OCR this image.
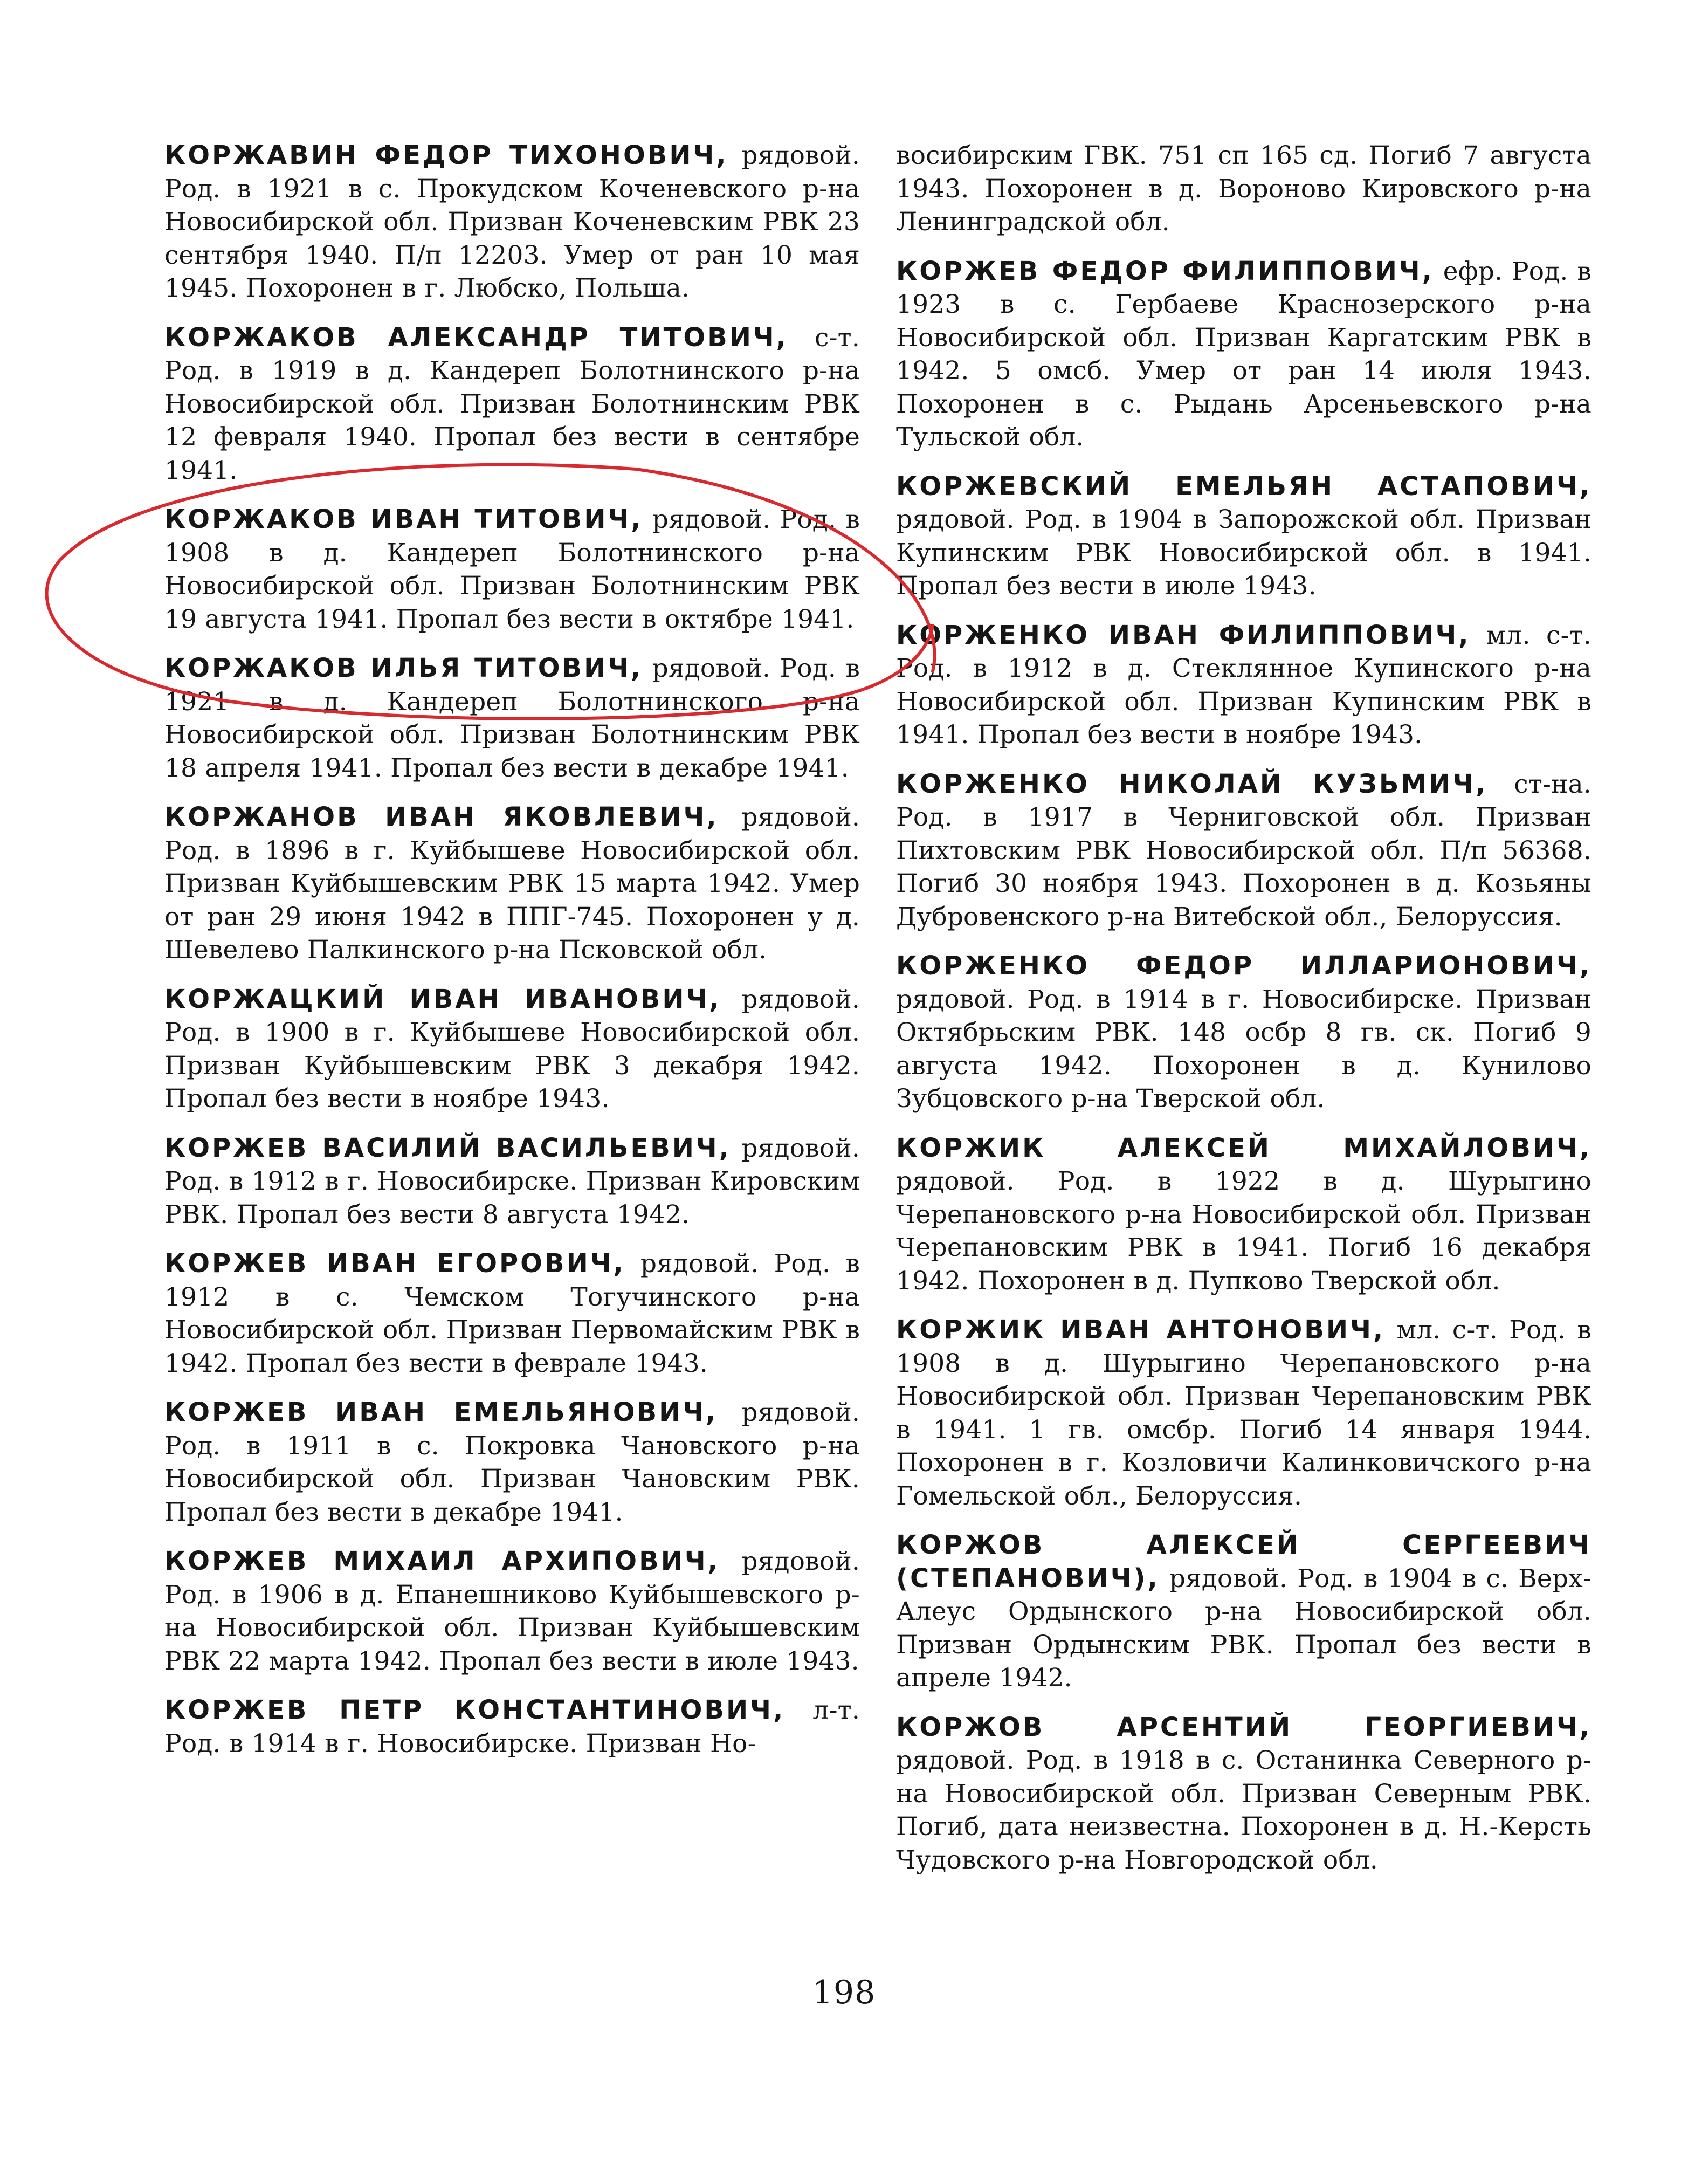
КОРЖАВИН ФЕДОР ТИХОНОВИЧ, рядовой. Род. в 1921 в с. Прокудском Коченевского р-на Новосибирской обл. Призван Коченевским РВК 23 сентября 1940. П/п 12203. Умер от ран 10 мая 1945. Похоронен в г. Любско, Польша.

КОРЖАКОВ АЛЕКСАНДР ТИТОВИЧ, с-т. Род. в 1919 в д. Кандереп Болотнинского р-на Новосибирской обл. Призван Болотнинским РВК 12 февраля 1940. Пропал без вести в сентябре 1941.

КОРЖАКОВ ИВАН ТИТОВИЧ, рядовой. Род. в 1908 в д. Кандереп Болотнинского р-на Новосибирской обл. Призван Болотнинским РВК 19 августа 1941. Пропал без вести в октябре 1941.

КОРЖАКОВ ИЛЬЯ ТИТОВИЧ, рядовой. Род. в 1921 в д. Кандереп Болотнинского р-на Новосибирской обл. Призван Болотнинским РВК 18 апреля 1941. Пропал без вести в декабре 1941.

КОРЖАНОВ ИВАН ЯКОВЛЕВИЧ, рядовой. Род. в 1896 в г. Куйбышеве Новосибирской обл. Призван Куйбышевским РВК 15 марта 1942. Умер от ран 29 июня 1942 в ППГ-745. Похоронен у д. Шевелево Палкинского р-на Псковской обл.

КОРЖАЦКИЙ ИВАН ИВАНОВИЧ, рядовой. Род. в 1900 в г. Куйбышеве Новосибирской обл. Призван Куйбышевским РВК 3 декабря 1942. Пропал без вести в ноябре 1943.

КОРЖЕВ ВАСИЛИЙ ВАСИЛЬЕВИЧ, рядовой. Род. в 1912 в г. Новосибирске. Призван Кировским РВК. Пропал без вести 8 августа 1942.

КОРЖЕВ ИВАН ЕГОРОВИЧ, рядовой. Род. в 1912 в с. Чемском Тогучинского р-на Новосибирской обл. Призван Первомайским РВК в 1942. Пропал без вести в феврале 1943.

КОРЖЕВ ИВАН ЕМЕЛЬЯНОВИЧ, рядовой. Род. в 1911 в с. Покровка Чановского р-на Новосибирской обл. Призван Чановским РВК. Пропал без вести в декабре 1941.

КОРЖЕВ МИХАИЛ АРХИПОВИЧ, рядовой. Род. в 1906 в д. Епанешниково Куйбышевского р-на Новосибирской обл. Призван Куйбышевским РВК 22 марта 1942. Пропал без вести в июле 1943.

КОРЖЕВ ПЕТР КОНСТАНТИНОВИЧ, л-т. Род. в 1914 в г. Новосибирске. Призван Но-

восибирским ГВК. 751 сп 165 сд. Погиб 7 августа 1943. Похоронен в д. Вороново Кировского р-на Ленинградской обл.

КОРЖЕВ ФЕДОР ФИЛИППОВИЧ, ефр. Род. в 1923 в с. Гербаеве Краснозерского р-на Новосибирской обл. Призван Каргатским РВК в 1942. 5 омсб. Умер от ран 14 июля 1943. Похоронен в с. Рыдань Арсеньевского р-на Тульской обл.

КОРЖЕВСКИЙ ЕМЕЛЬЯН АСТАПОВИЧ, рядовой. Род. в 1904 в Запорожской обл. Призван Купинским РВК Новосибирской обл. в 1941. Пропал без вести в июле 1943.

КОРЖЕНКО ИВАН ФИЛИППОВИЧ, мл. с-т. Род. в 1912 в д. Стеклянное Купинского р-на Новосибирской обл. Призван Купинским РВК в 1941. Пропал без вести в ноябре 1943.

КОРЖЕНКО НИКОЛАЙ КУЗЬМИЧ, ст-на. Род. в 1917 в Черниговской обл. Призван Пихтовским РВК Новосибирской обл. П/п 56368. Погиб 30 ноября 1943. Похоронен в д. Козьяны Дубровенского р-на Витебской обл., Белоруссия.

КОРЖЕНКО ФЕДОР ИЛЛАРИОНОВИЧ, рядовой. Род. в 1914 в г. Новосибирске. Призван Октябрьским РВК. 148 осбр 8 гв. ск. Погиб 9 августа 1942. Похоронен в д. Кунилово Зубцовского р-на Тверской обл.

КОРЖИК АЛЕКСЕЙ МИХАЙЛОВИЧ, рядовой. Род. в 1922 в д. Шурыгино Черепановского р-на Новосибирской обл. Призван Черепановским РВК в 1941. Погиб 16 декабря 1942. Похоронен в д. Пупково Тверской обл.

КОРЖИК ИВАН АНТОНОВИЧ, мл. с-т. Род. в 1908 в д. Шурыгино Черепановского р-на Новосибирской обл. Призван Черепановским РВК в 1941. 1 гв. омсбр. Погиб 14 января 1944. Похоронен в г. Козловичи Калинковичского р-на Гомельской обл., Белоруссия.

КОРЖОВ АЛЕКСЕЙ СЕРГЕЕВИЧ (СТЕПАНОВИЧ), рядовой. Род. в 1904 в с. Верх-Алеус Ордынского р-на Новосибирской обл. Призван Ордынским РВК. Пропал без вести в апреле 1942.

КОРЖОВ АРСЕНТИЙ ГЕОРГИЕВИЧ, рядовой. Род. в 1918 в с. Останинка Северного р-на Новосибирской обл. Призван Северным РВК. Погиб, дата неизвестна. Похоронен в д. Н.-Керсть Чудовского р-на Новгородской обл.

198
